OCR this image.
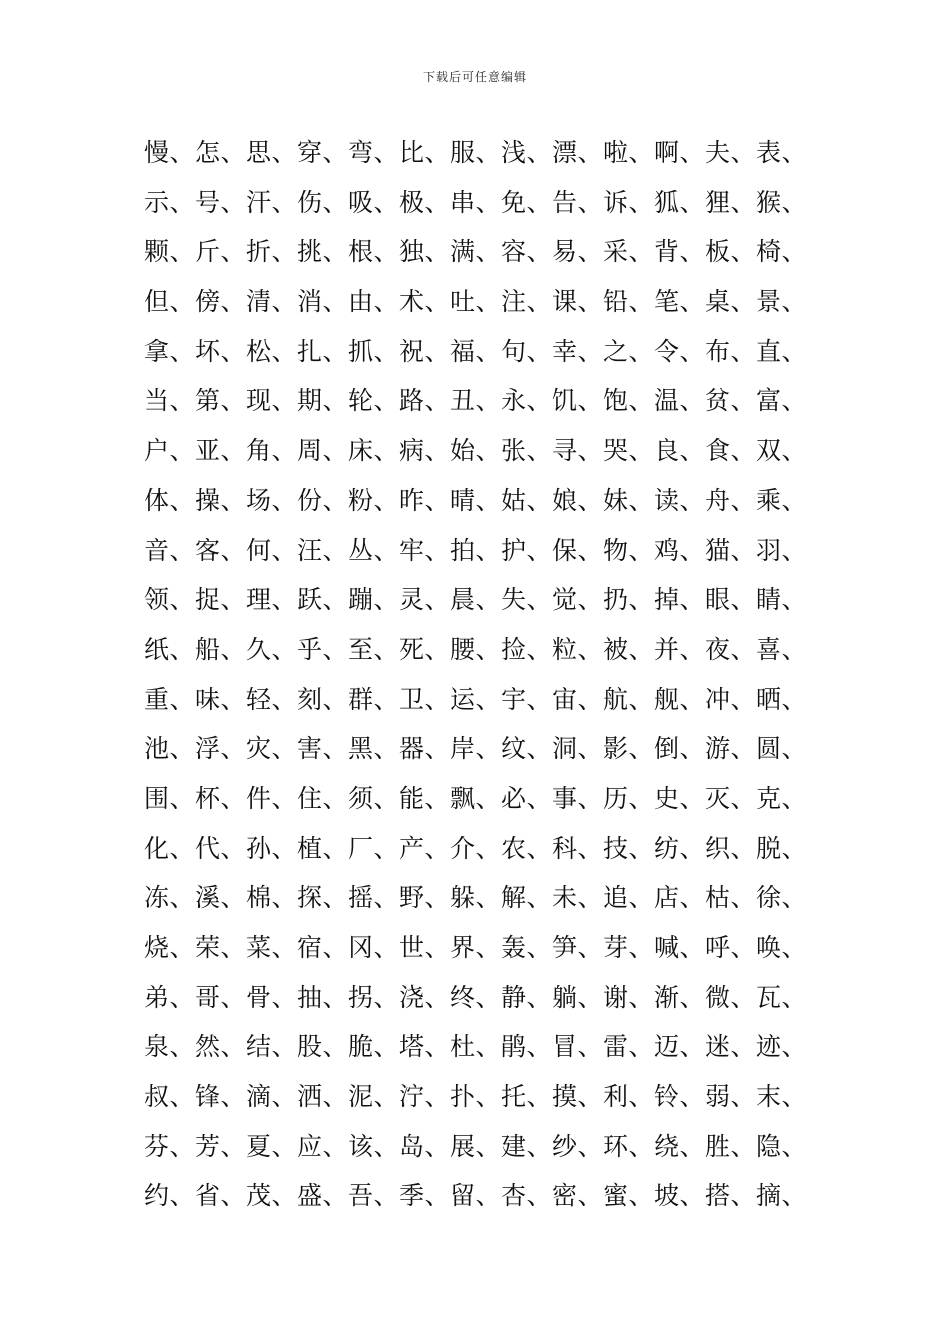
下载后可任意编辑
慢、怎、思、穿、弯、比、服、浅、漂、啦、啊、夫、表、
示、号、汗、伤、吸、极、串、免、告、诉、狐、狸、猴、
颗、斤、折、挑、根、独、满、容、易、采、背、板、椅、
但、傍、清、消、由、术、吐、注、课、铅、笔、桌、景、
拿、坏、松、扎、抓、祝、福、句、幸、之、令、布、直、
当、第、现、期、轮、路、丑、永、饥、饱、温、贫、富、
户、亚、角、周、床、病、始、张、寻、哭、良、食、双、
体、操、场、份、粉、昨、晴、姑、娘、妹、读、舟、乘、
音、客、何、汪、丛、牢、拍、护、保、物、鸡、猫、羽、
领、捉、理、跃、蹦、灵、晨、失、觉、扔、掉、眼、睛、
纸、船、久、乎、至、死、腰、捡、粒、被、并、夜、喜、
重、味、轻、刻、群、卫、运、宇、宙、航、舰、冲、晒、
池、浮、灾、害、黑、器、岸、纹、洞、影、倒、游、圆、
围、杯、件、住、须、能、飘、必、事、历、史、灭、克、
化、代、孙、植、厂、产、介、农、科、技、纺、织、脱、
冻、溪、棉、探、摇、野、躲、解、未、追、店、枯、徐、
烧、荣、菜、宿、冈、世、界、轰、笋、芽、喊、呼、唤、
弟、哥、骨、抽、拐、浇、终、静、躺、谢、渐、微、瓦、
泉、然、结、股、脆、塔、杜、鹃、冒、雷、迈、迷、迹、
叔、锋、滴、洒、泥、泞、扑、托、摸、利、铃、弱、末、
芬、芳、夏、应、该、岛、展、建、纱、环、绕、胜、隐、
约、省、茂、盛、吾、季、留、杏、密、蜜、坡、搭、摘、
